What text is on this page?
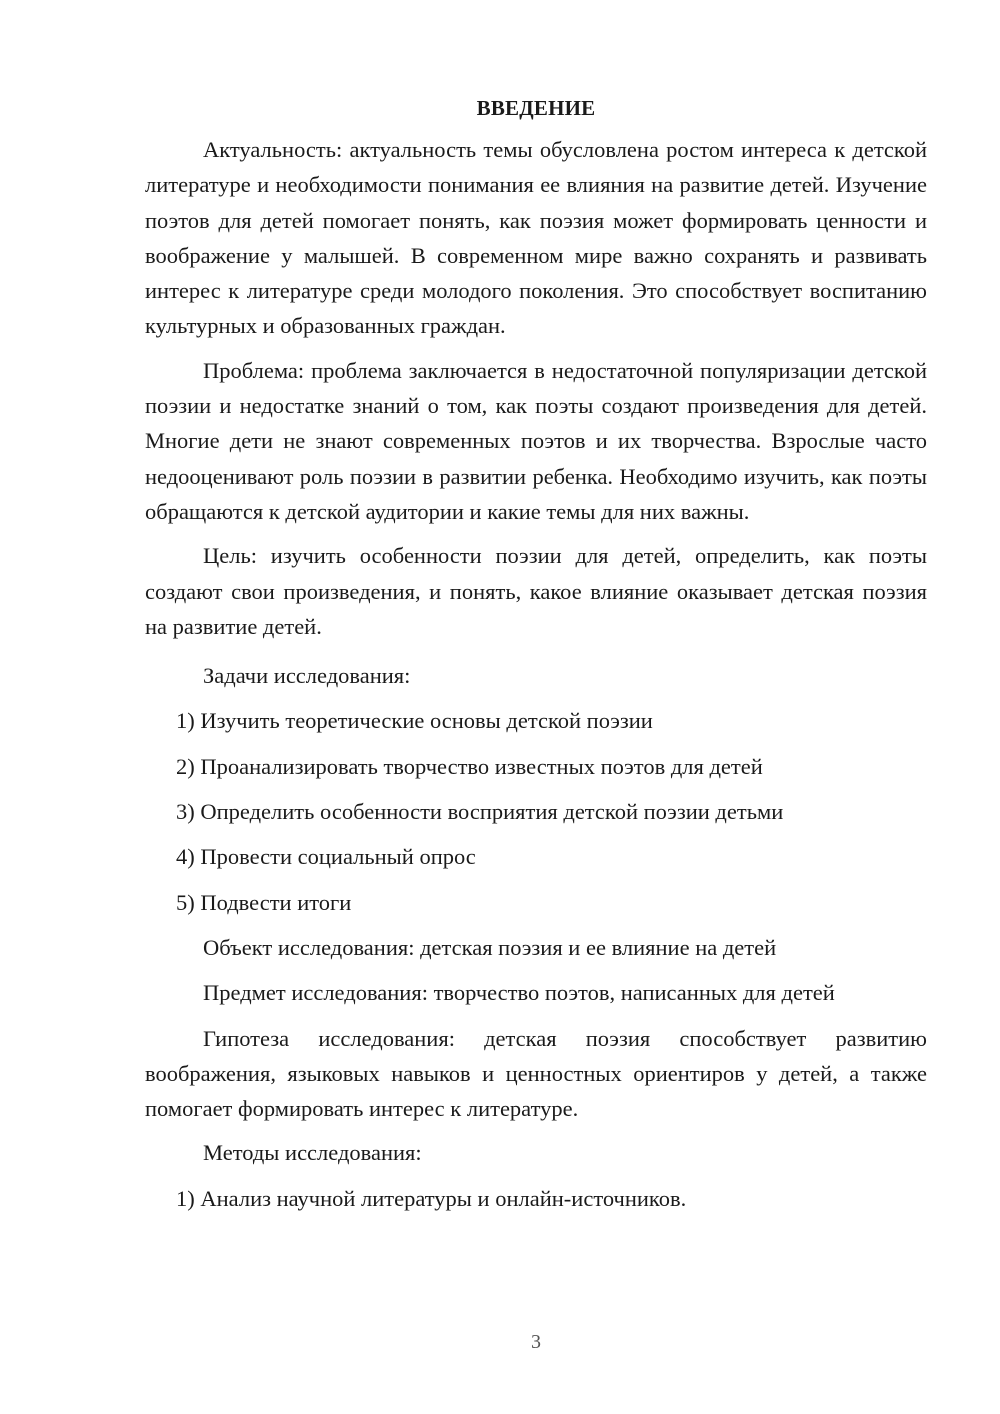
ВВЕДЕНИЕ

Актуальность: актуальность темы обусловлена ростом интереса к детской литературе и необходимости понимания ее влияния на развитие детей. Изучение поэтов для детей помогает понять, как поэзия может формировать ценности и воображение у малышей. В современном мире важно сохранять и развивать интерес к литературе среди молодого поколения. Это способствует воспитанию культурных и образованных граждан.

Проблема: проблема заключается в недостаточной популяризации детской поэзии и недостатке знаний о том, как поэты создают произведения для детей. Многие дети не знают современных поэтов и их творчества. Взрослые часто недооценивают роль поэзии в развитии ребенка. Необходимо изучить, как поэты обращаются к детской аудитории и какие темы для них важны.

Цель: изучить особенности поэзии для детей, определить, как поэты создают свои произведения, и понять, какое влияние оказывает детская поэзия на развитие детей.

Задачи исследования:
1) Изучить теоретические основы детской поэзии
2) Проанализировать творчество известных поэтов для детей
3) Определить особенности восприятия детской поэзии детьми
4) Провести социальный опрос
5) Подвести итоги
Объект исследования: детская поэзия и ее влияние на детей
Предмет исследования: творчество поэтов, написанных для детей

Гипотеза исследования: детская поэзия способствует развитию воображения, языковых навыков и ценностных ориентиров у детей, а также помогает формировать интерес к литературе.

Методы исследования:
1) Анализ научной литературы и онлайн-источников.
3
